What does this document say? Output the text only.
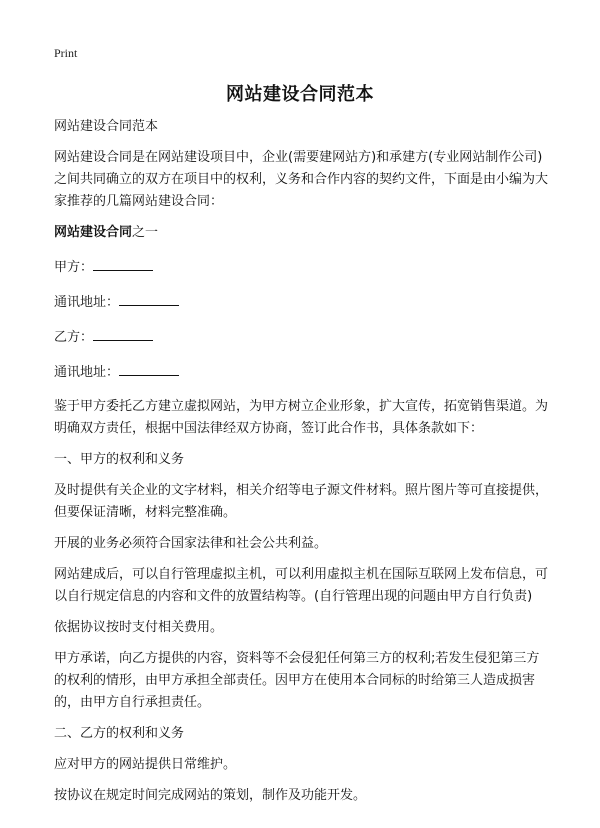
Print
网站建设合同范本

网站建设合同范本

网站建设合同是在网站建设项目中，企业(需要建网站方)和承建方(专业网站制作公司)之间共同确立的双方在项目中的权利，义务和合作内容的契约文件，下面是由小编为大家推荐的几篇网站建设合同：

网站建设合同之一

甲方：

通讯地址：

乙方：

通讯地址：

鉴于甲方委托乙方建立虚拟网站，为甲方树立企业形象，扩大宣传，拓宽销售渠道。为明确双方责任，根据中国法律经双方协商，签订此合作书，具体条款如下：

一、甲方的权利和义务

及时提供有关企业的文字材料，相关介绍等电子源文件材料。照片图片等可直接提供，但要保证清晰，材料完整准确。

开展的业务必须符合国家法律和社会公共利益。

网站建成后，可以自行管理虚拟主机，可以利用虚拟主机在国际互联网上发布信息，可以自行规定信息的内容和文件的放置结构等。(自行管理出现的问题由甲方自行负责)

依据协议按时支付相关费用。

甲方承诺，向乙方提供的内容，资料等不会侵犯任何第三方的权利;若发生侵犯第三方的权利的情形，由甲方承担全部责任。因甲方在使用本合同标的时给第三人造成损害的，由甲方自行承担责任。

二、乙方的权利和义务

应对甲方的网站提供日常维护。

按协议在规定时间完成网站的策划，制作及功能开发。
